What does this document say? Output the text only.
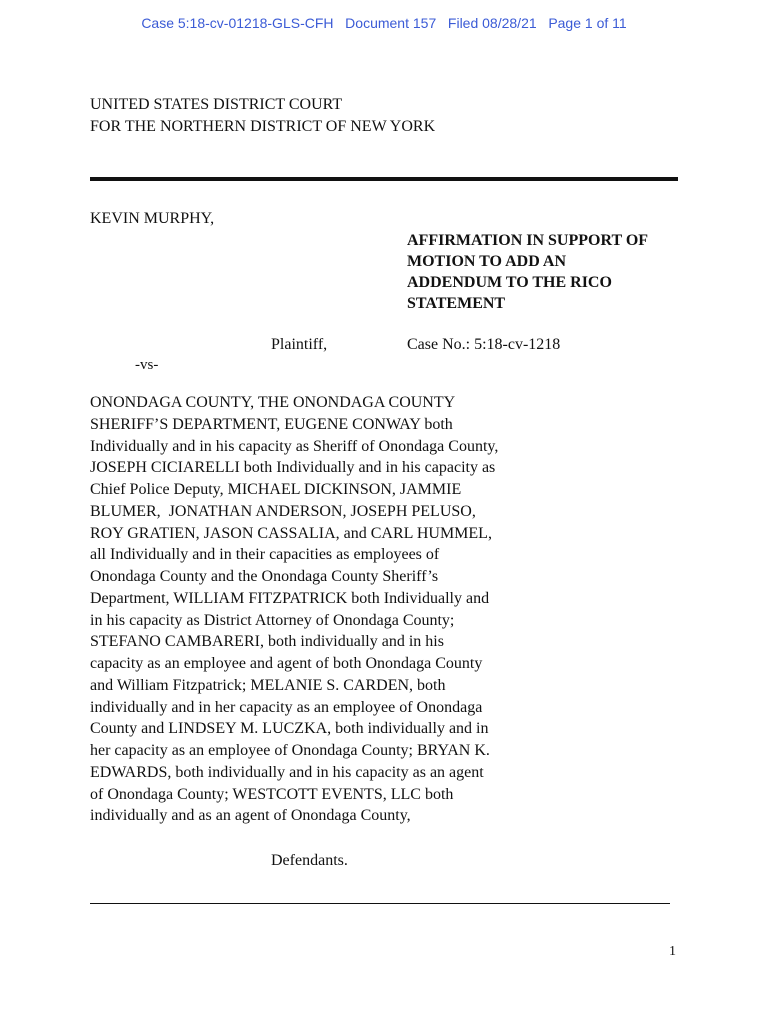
Case 5:18-cv-01218-GLS-CFH Document 157 Filed 08/28/21 Page 1 of 11
UNITED STATES DISTRICT COURT
FOR THE NORTHERN DISTRICT OF NEW YORK
KEVIN MURPHY,
AFFIRMATION IN SUPPORT OF
MOTION TO ADD AN
ADDENDUM TO THE RICO
STATEMENT
Plaintiff,	Case No.: 5:18-cv-1218
-vs-
ONONDAGA COUNTY, THE ONONDAGA COUNTY
SHERIFF’S DEPARTMENT, EUGENE CONWAY both
Individually and in his capacity as Sheriff of Onondaga County,
JOSEPH CICIARELLI both Individually and in his capacity as
Chief Police Deputy, MICHAEL DICKINSON, JAMMIE
BLUMER,  JONATHAN ANDERSON, JOSEPH PELUSO,
ROY GRATIEN, JASON CASSALIA, and CARL HUMMEL,
all Individually and in their capacities as employees of
Onondaga County and the Onondaga County Sheriff’s
Department, WILLIAM FITZPATRICK both Individually and
in his capacity as District Attorney of Onondaga County;
STEFANO CAMBARERI, both individually and in his
capacity as an employee and agent of both Onondaga County
and William Fitzpatrick; MELANIE S. CARDEN, both
individually and in her capacity as an employee of Onondaga
County and LINDSEY M. LUCZKA, both individually and in
her capacity as an employee of Onondaga County; BRYAN K.
EDWARDS, both individually and in his capacity as an agent
of Onondaga County; WESTCOTT EVENTS, LLC both
individually and as an agent of Onondaga County,
Defendants.
1
